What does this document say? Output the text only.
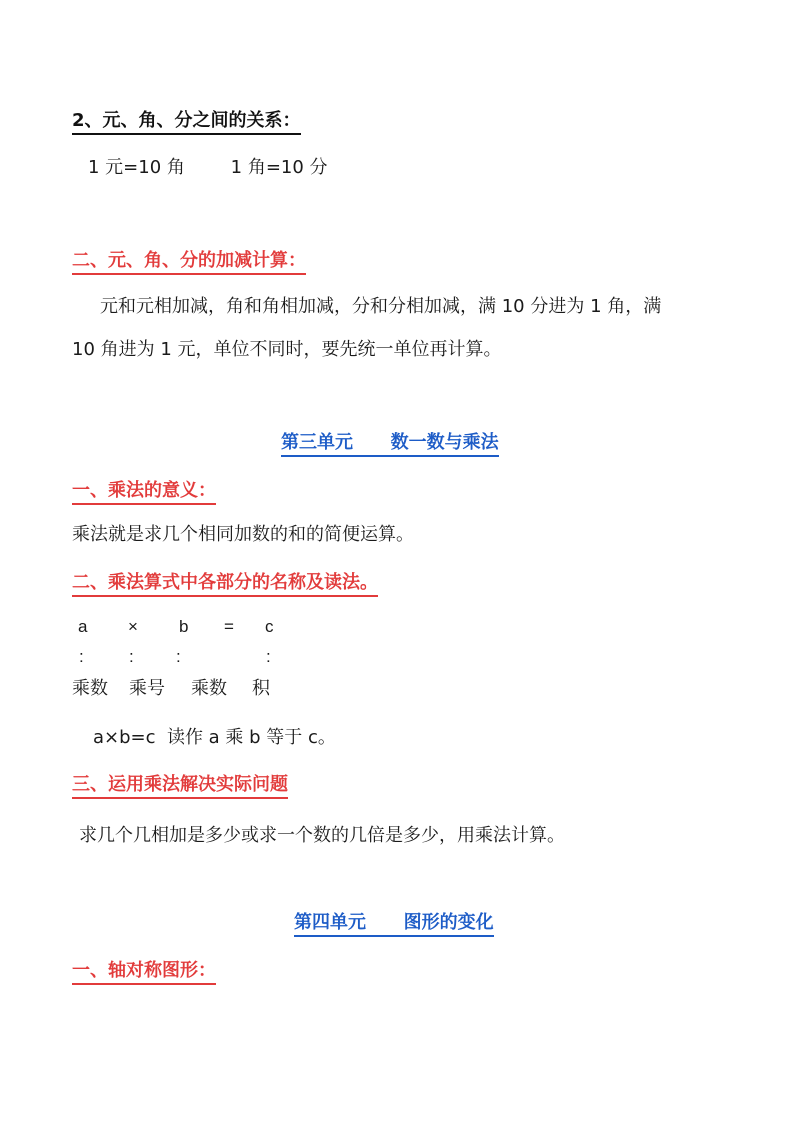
2、元、角、分之间的关系：
1 元=10 角        1 角=10 分
二、元、角、分的加减计算：
元和元相加减，角和角相加减，分和分相加减，满 10 分进为 1 角，满
10 角进为 1 元，单位不同时，要先统一单位再计算。
第三单元      数一数与乘法
一、乘法的意义：
乘法就是求几个相同加数的和的简便运算。
二、乘法算式中各部分的名称及读法。
a × b = c
:	: :	:
乘数 乘号 乘数 积
a×b=c  读作 a 乘 b 等于 c。
三、运用乘法解决实际问题
求几个几相加是多少或求一个数的几倍是多少，用乘法计算。
第四单元      图形的变化
一、轴对称图形：
